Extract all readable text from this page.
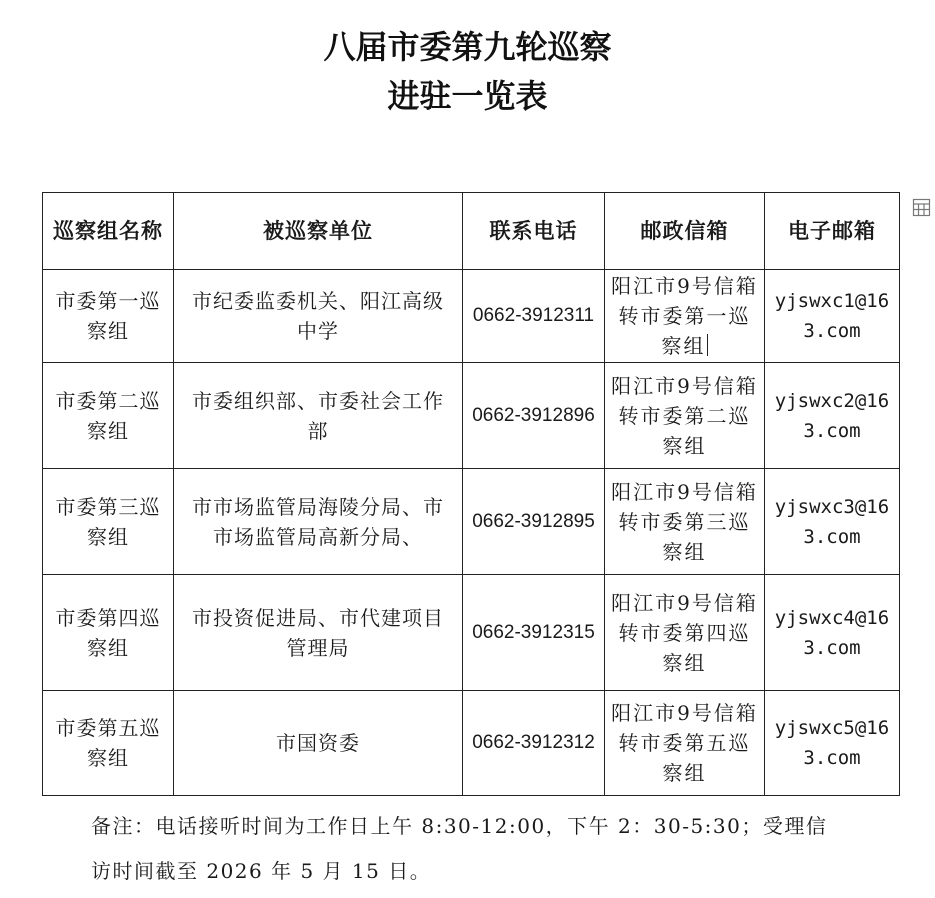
八届市委第九轮巡察
进驻一览表
巡察组名称	被巡察单位	联系电话	邮政信箱	电子邮箱
市委第一巡察组	市纪委监委机关、阳江高级中学	0662-3912311	阳江市9号信箱转市委第一巡察组	yjswxc1@163.com
市委第二巡察组	市委组织部、市委社会工作部	0662-3912896	阳江市9号信箱转市委第二巡察组	yjswxc2@163.com
市委第三巡察组	市市场监管局海陵分局、市市场监管局高新分局、	0662-3912895	阳江市9号信箱转市委第三巡察组	yjswxc3@163.com
市委第四巡察组	市投资促进局、市代建项目管理局	0662-3912315	阳江市9号信箱转市委第四巡察组	yjswxc4@163.com
市委第五巡察组	市国资委	0662-3912312	阳江市9号信箱转市委第五巡察组	yjswxc5@163.com
备注：电话接听时间为工作日上午 8:30-12:00，下午 2：30-5:30；受理信
访时间截至 2026 年 5 月 15 日。
